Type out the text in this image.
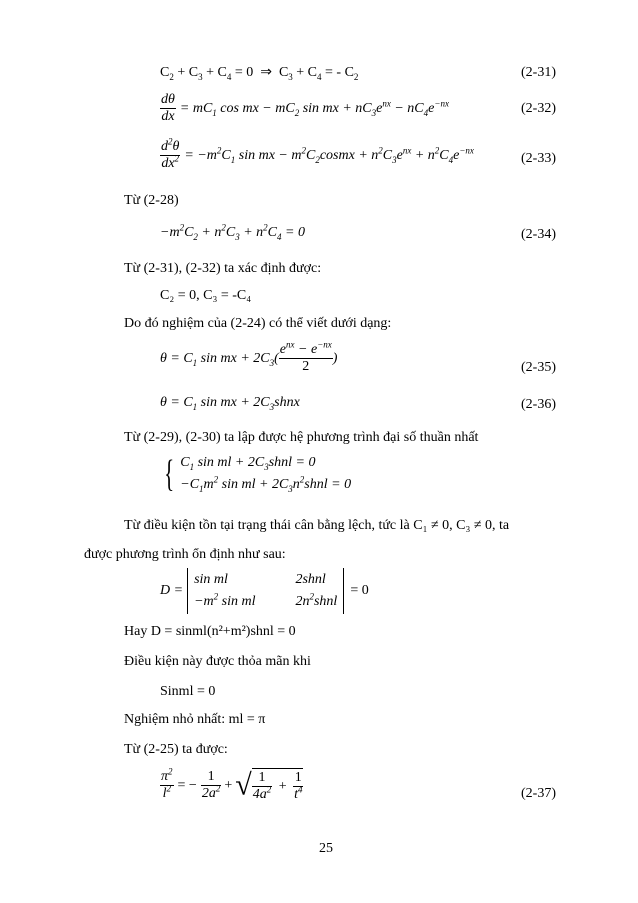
$C_2 + C_3 + C_4 = 0$  ⇒  $C_3 + C_4$ = - $C_2$	(2-31)
$\frac{d\theta}{dx} = mC_1$ cos mx − $mC_2$ sin mx + $nC_3e^{nx} - nC_4e^{-nx}$	(2-32)
$\frac{d^2\theta}{dx^2} = -m^2C_1$ sin mx − $m^2C_2cosmx + n^2C_3e^{nx} + n^2C_4e^{-nx}$
(2-33)
Từ (2-28)
$-m^2C_2 + n^2C_3 + n^2C_4 = 0$	(2-34)
Từ (2-31), (2-32) ta xác định được:
C₂ = 0, C₃ = -C₄
Do đó nghiệm của (2-24) có thể viết dưới dạng:
$\theta = C_1$ sin mx + $2C_3( \frac{e^{nx} - e^{-nx}}{2}$ )
(2-35)
$\theta = C_1$ sin mx + $2C_3shnx$	(2-36)
Từ (2-29), (2-30) ta lập được hệ phương trình đại số thuần nhất
{ $C_1$ sin ml + $2C_3shnl = 0$
$-C_1m^2$ sin ml + $2C_3n^2shnl = 0$
Từ điều kiện tồn tại trạng thái cân bằng lệch, tức là C₁ ≠ 0, C₃ ≠ 0, ta
được phương trình ổn định như sau:
D =
sin ml	2shnl
$-m^2$ sin ml	$2n^2shnl$
= 0
Hay D = sinml(n²+m²)shnl = 0
Điều kiện này được thỏa mãn khi
Sinml = 0
Nghiệm nhỏ nhất: ml = π
Từ (2-25) ta được:
$\frac{\pi^2}{l^2}$ = − $\frac{1}{2a^2}$ + √ $\frac{1}{4a^2} + \frac{1}{t^4}$	(2-37)
25
